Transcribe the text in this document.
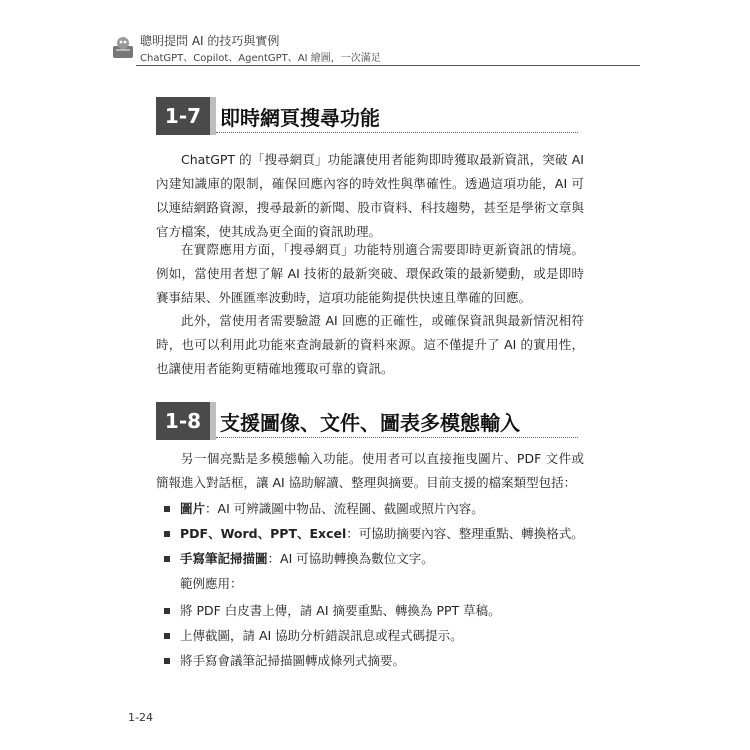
聰明提問 AI 的技巧與實例
ChatGPT、Copilot、AgentGPT、AI 繪圖，一次滿足
1-7 即時網頁搜尋功能

ChatGPT 的「搜尋網頁」功能讓使用者能夠即時獲取最新資訊，突破 AI 內建知識庫的限制，確保回應內容的時效性與準確性。透過這項功能，AI 可以連結網路資源，搜尋最新的新聞、股市資料、科技趨勢，甚至是學術文章與官方檔案，使其成為更全面的資訊助理。

在實際應用方面，「搜尋網頁」功能特別適合需要即時更新資訊的情境。例如，當使用者想了解 AI 技術的最新突破、環保政策的最新變動，或是即時賽事結果、外匯匯率波動時，這項功能能夠提供快速且準確的回應。

此外，當使用者需要驗證 AI 回應的正確性，或確保資訊與最新情況相符時，也可以利用此功能來查詢最新的資料來源。這不僅提升了 AI 的實用性，也讓使用者能夠更精確地獲取可靠的資訊。

1-8 支援圖像、文件、圖表多模態輸入

另一個亮點是多模態輸入功能。使用者可以直接拖曳圖片、PDF 文件或簡報進入對話框，讓 AI 協助解讀、整理與摘要。目前支援的檔案類型包括：

圖片：AI 可辨識圖中物品、流程圖、截圖或照片內容。
PDF、Word、PPT、Excel：可協助摘要內容、整理重點、轉換格式。
手寫筆記掃描圖：AI 可協助轉換為數位文字。
範例應用：
將 PDF 白皮書上傳，請 AI 摘要重點、轉換為 PPT 草稿。
上傳截圖，請 AI 協助分析錯誤訊息或程式碼提示。
將手寫會議筆記掃描圖轉成條列式摘要。
1-24
